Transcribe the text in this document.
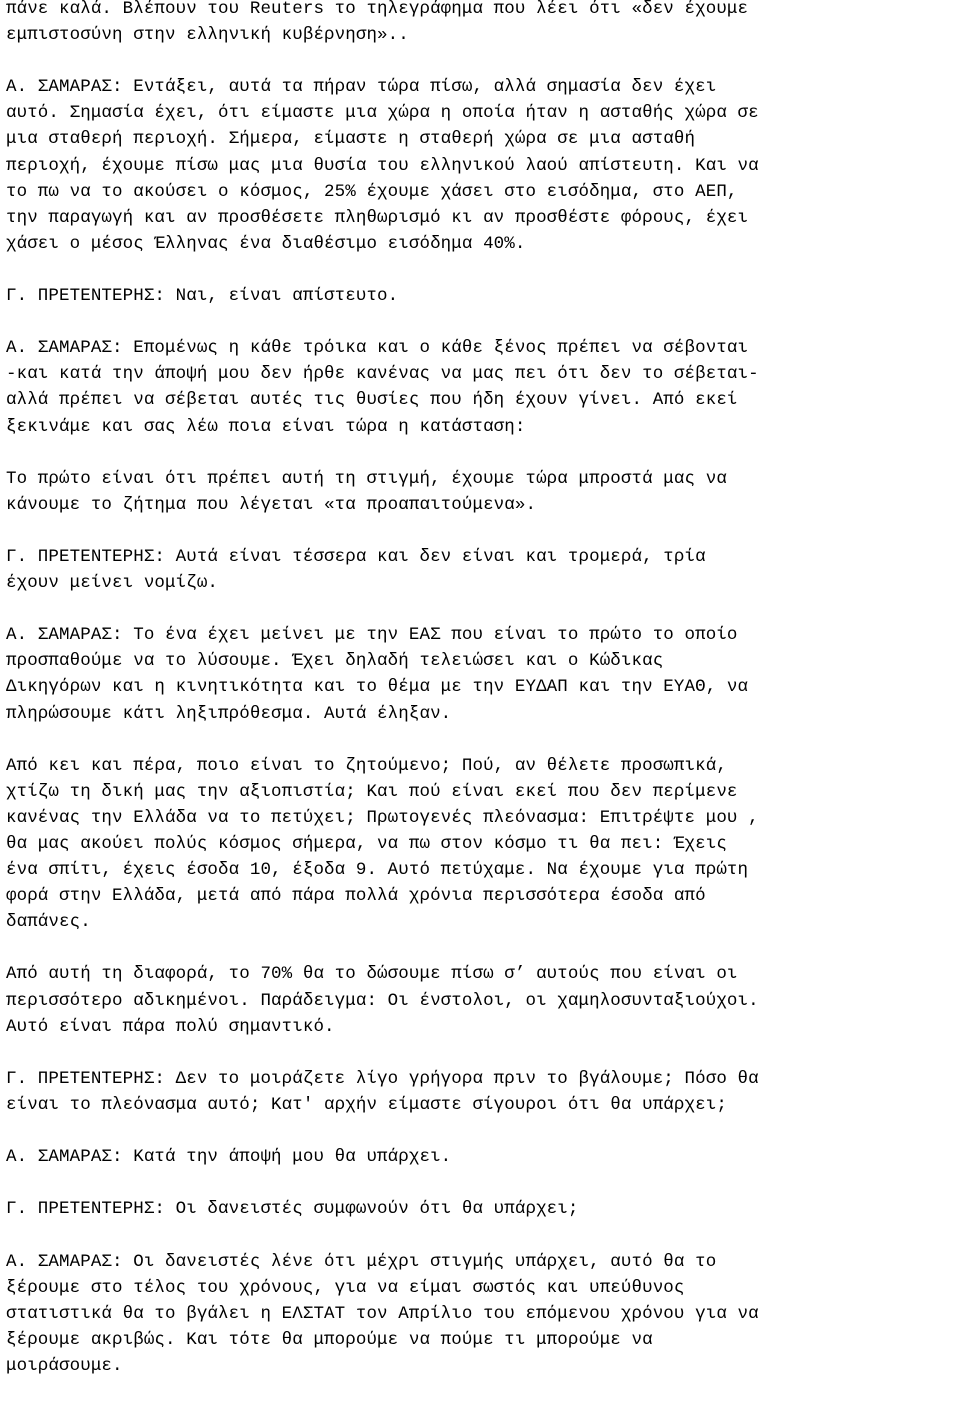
πάνε καλά. Βλέπουν του Reuters το τηλεγράφημα που λέει ότι «δεν έχουμε
εμπιστοσύνη στην ελληνική κυβέρνηση»..

Α. ΣΑΜΑΡΑΣ: Εντάξει, αυτά τα πήραν τώρα πίσω, αλλά σημασία δεν έχει
αυτό. Σημασία έχει, ότι είμαστε μια χώρα η οποία ήταν η ασταθής χώρα σε
μια σταθερή περιοχή. Σήμερα, είμαστε η σταθερή χώρα σε μια ασταθή
περιοχή, έχουμε πίσω μας μια θυσία του ελληνικού λαού απίστευτη. Και να
το πω να το ακούσει ο κόσμος, 25% έχουμε χάσει στο εισόδημα, στο ΑΕΠ,
την παραγωγή και αν προσθέσετε πληθωρισμό κι αν προσθέστε φόρους, έχει
χάσει ο μέσος Έλληνας ένα διαθέσιμο εισόδημα 40%.

Γ. ΠΡΕΤΕΝΤΕΡΗΣ: Ναι, είναι απίστευτο.

Α. ΣΑΜΑΡΑΣ: Επομένως η κάθε τρόικα και ο κάθε ξένος πρέπει να σέβονται
-και κατά την άποψή μου δεν ήρθε κανένας να μας πει ότι δεν το σέβεται-
αλλά πρέπει να σέβεται αυτές τις θυσίες που ήδη έχουν γίνει. Από εκεί
ξεκινάμε και σας λέω ποια είναι τώρα η κατάσταση:

Το πρώτο είναι ότι πρέπει αυτή τη στιγμή, έχουμε τώρα μπροστά μας να
κάνουμε το ζήτημα που λέγεται «τα προαπαιτούμενα».

Γ. ΠΡΕΤΕΝΤΕΡΗΣ: Αυτά είναι τέσσερα και δεν είναι και τρομερά, τρία
έχουν μείνει νομίζω.

Α. ΣΑΜΑΡΑΣ: Το ένα έχει μείνει με την ΕΑΣ που είναι το πρώτο το οποίο
προσπαθούμε να το λύσουμε. Έχει δηλαδή τελειώσει και ο Κώδικας
Δικηγόρων και η κινητικότητα και το θέμα με την ΕΥΔΑΠ και την ΕΥΑΘ, να
πληρώσουμε κάτι ληξιπρόθεσμα. Αυτά έληξαν.

Από κει και πέρα, ποιο είναι το ζητούμενο; Πού, αν θέλετε προσωπικά,
χτίζω τη δική μας την αξιοπιστία; Και πού είναι εκεί που δεν περίμενε
κανένας την Ελλάδα να το πετύχει; Πρωτογενές πλεόνασμα: Επιτρέψτε μου ,
θα μας ακούει πολύς κόσμος σήμερα, να πω στον κόσμο τι θα πει: Έχεις
ένα σπίτι, έχεις έσοδα 10, έξοδα 9. Αυτό πετύχαμε. Να έχουμε για πρώτη
φορά στην Ελλάδα, μετά από πάρα πολλά χρόνια περισσότερα έσοδα από
δαπάνες.

Από αυτή τη διαφορά, το 70% θα το δώσουμε πίσω σ’ αυτούς που είναι οι
περισσότερο αδικημένοι. Παράδειγμα: Οι ένστολοι, οι χαμηλοσυνταξιούχοι.
Αυτό είναι πάρα πολύ σημαντικό.

Γ. ΠΡΕΤΕΝΤΕΡΗΣ: Δεν το μοιράζετε λίγο γρήγορα πριν το βγάλουμε; Πόσο θα
είναι το πλεόνασμα αυτό; Κατ' αρχήν είμαστε σίγουροι ότι θα υπάρχει;

Α. ΣΑΜΑΡΑΣ: Κατά την άποψή μου θα υπάρχει.

Γ. ΠΡΕΤΕΝΤΕΡΗΣ: Οι δανειστές συμφωνούν ότι θα υπάρχει;

Α. ΣΑΜΑΡΑΣ: Οι δανειστές λένε ότι μέχρι στιγμής υπάρχει, αυτό θα το
ξέρουμε στο τέλος του χρόνους, για να είμαι σωστός και υπεύθυνος
στατιστικά θα το βγάλει η ΕΛΣΤΑΤ τον Απρίλιο του επόμενου χρόνου για να
ξέρουμε ακριβώς. Και τότε θα μπορούμε να πούμε τι μπορούμε να
μοιράσουμε.
